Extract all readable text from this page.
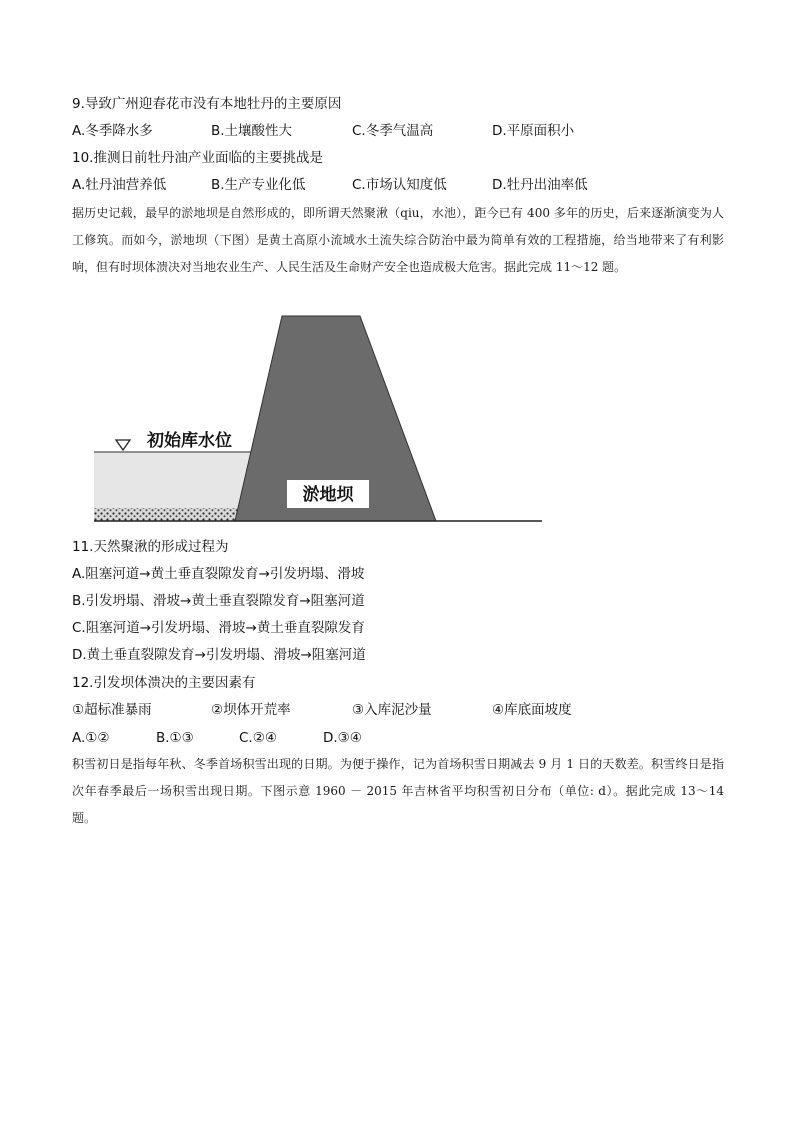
9.导致广州迎春花市没有本地牡丹的主要原因
A.冬季降水多	B.土壤酸性大	C.冬季气温高	D.平原面积小
10.推测日前牡丹油产业面临的主要挑战是
A.牡丹油营养低	B.生产专业化低	C.市场认知度低	D.牡丹出油率低
据历史记载，最早的淤地坝是自然形成的，即所谓天然聚湫（qiu，水池），距今已有 400 多年的历史，后来逐渐演变为人工修筑。而如今，淤地坝（下图）是黄土高原小流域水土流失综合防治中最为简单有效的工程措施，给当地带来了有利影响，但有时坝体溃决对当地农业生产、人民生活及生命财产安全也造成极大危害。据此完成 11～12 题。
初始库水位
淤地坝
11.天然聚湫的形成过程为
A.阻塞河道→黄土垂直裂隙发育→引发坍塌、滑坡
B.引发坍塌、滑坡→黄土垂直裂隙发育→阻塞河道
C.阻塞河道→引发坍塌、滑坡→黄土垂直裂隙发育
D.黄土垂直裂隙发育→引发坍塌、滑坡→阻塞河道
12.引发坝体溃决的主要因素有
①超标准暴雨	②坝体开荒率	③入库泥沙量	④库底面坡度
A.①②	B.①③	C.②④	D.③④
积雪初日是指每年秋、冬季首场积雪出现的日期。为便于操作，记为首场积雪日期减去 9 月 1 日的天数差。积雪终日是指次年春季最后一场积雪出现日期。下图示意 1960 － 2015 年吉林省平均积雪初日分布（单位: d）。据此完成 13～14 题。
